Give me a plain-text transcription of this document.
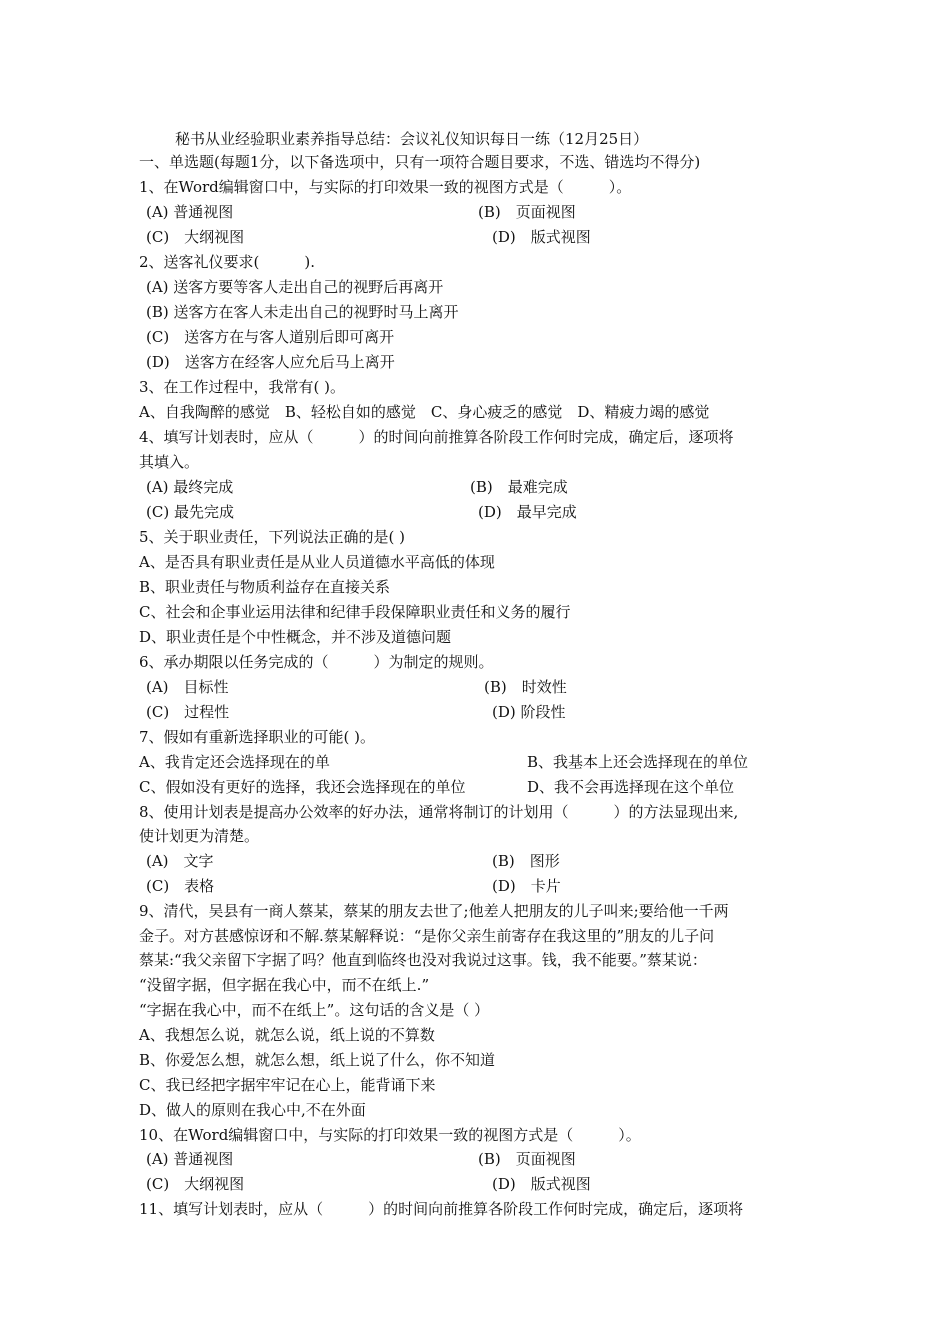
秘书从业经验职业素养指导总结：会议礼仪知识每日一练（12月25日）
一、单选题(每题1分，以下备选项中，只有一项符合题目要求，不选、错选均不得分)
1、在Word编辑窗口中，与实际的打印效果一致的视图方式是（　　　）。
(A) 普通视图	(B)　页面视图
(C)　大纲视图	(D)　版式视图
2、送客礼仪要求(　　　).
(A) 送客方要等客人走出自己的视野后再离开
(B) 送客方在客人未走出自己的视野时马上离开
(C)　送客方在与客人道别后即可离开
(D)　送客方在经客人应允后马上离开
3、在工作过程中，我常有( )。
A、自我陶醉的感觉　B、轻松自如的感觉　C、身心疲乏的感觉　D、精疲力竭的感觉
4、填写计划表时，应从（　　　）的时间向前推算各阶段工作何时完成，确定后，逐项将
其填入。
(A) 最终完成	(B)　最难完成
(C) 最先完成	(D)　最早完成
5、关于职业责任，下列说法正确的是( )
A、是否具有职业责任是从业人员道德水平高低的体现
B、职业责任与物质利益存在直接关系
C、社会和企事业运用法律和纪律手段保障职业责任和义务的履行
D、职业责任是个中性概念，并不涉及道德问题
6、承办期限以任务完成的（　　　）为制定的规则。
(A)　目标性	(B)　时效性
(C)　过程性	(D) 阶段性
7、假如有重新选择职业的可能( )。
A、我肯定还会选择现在的单	B、我基本上还会选择现在的单位
C、假如没有更好的选择，我还会选择现在的单位	D、我不会再选择现在这个单位
8、使用计划表是提高办公效率的好办法，通常将制订的计划用（　　　）的方法显现出来,
使计划更为清楚。
(A)　文字	(B)　图形
(C)　表格	(D)　卡片
9、清代，吴县有一商人蔡某，蔡某的朋友去世了;他差人把朋友的儿子叫来;要给他一千两
金子。对方甚感惊讶和不解.蔡某解释说：“是你父亲生前寄存在我这里的”朋友的儿子问
蔡某:“我父亲留下字据了吗？他直到临终也没对我说过这事。钱，我不能要。”蔡某说：
“没留字据，但字据在我心中，而不在纸上.”
“字据在我心中，而不在纸上”。这句话的含义是（ ）
A、我想怎么说，就怎么说，纸上说的不算数
B、你爱怎么想，就怎么想，纸上说了什么，你不知道
C、我已经把字据牢牢记在心上，能背诵下来
D、做人的原则在我心中,不在外面
10、在Word编辑窗口中，与实际的打印效果一致的视图方式是（　　　）。
(A) 普通视图	(B)　页面视图
(C)　大纲视图	(D)　版式视图
11、填写计划表时，应从（　　　）的时间向前推算各阶段工作何时完成，确定后，逐项将
